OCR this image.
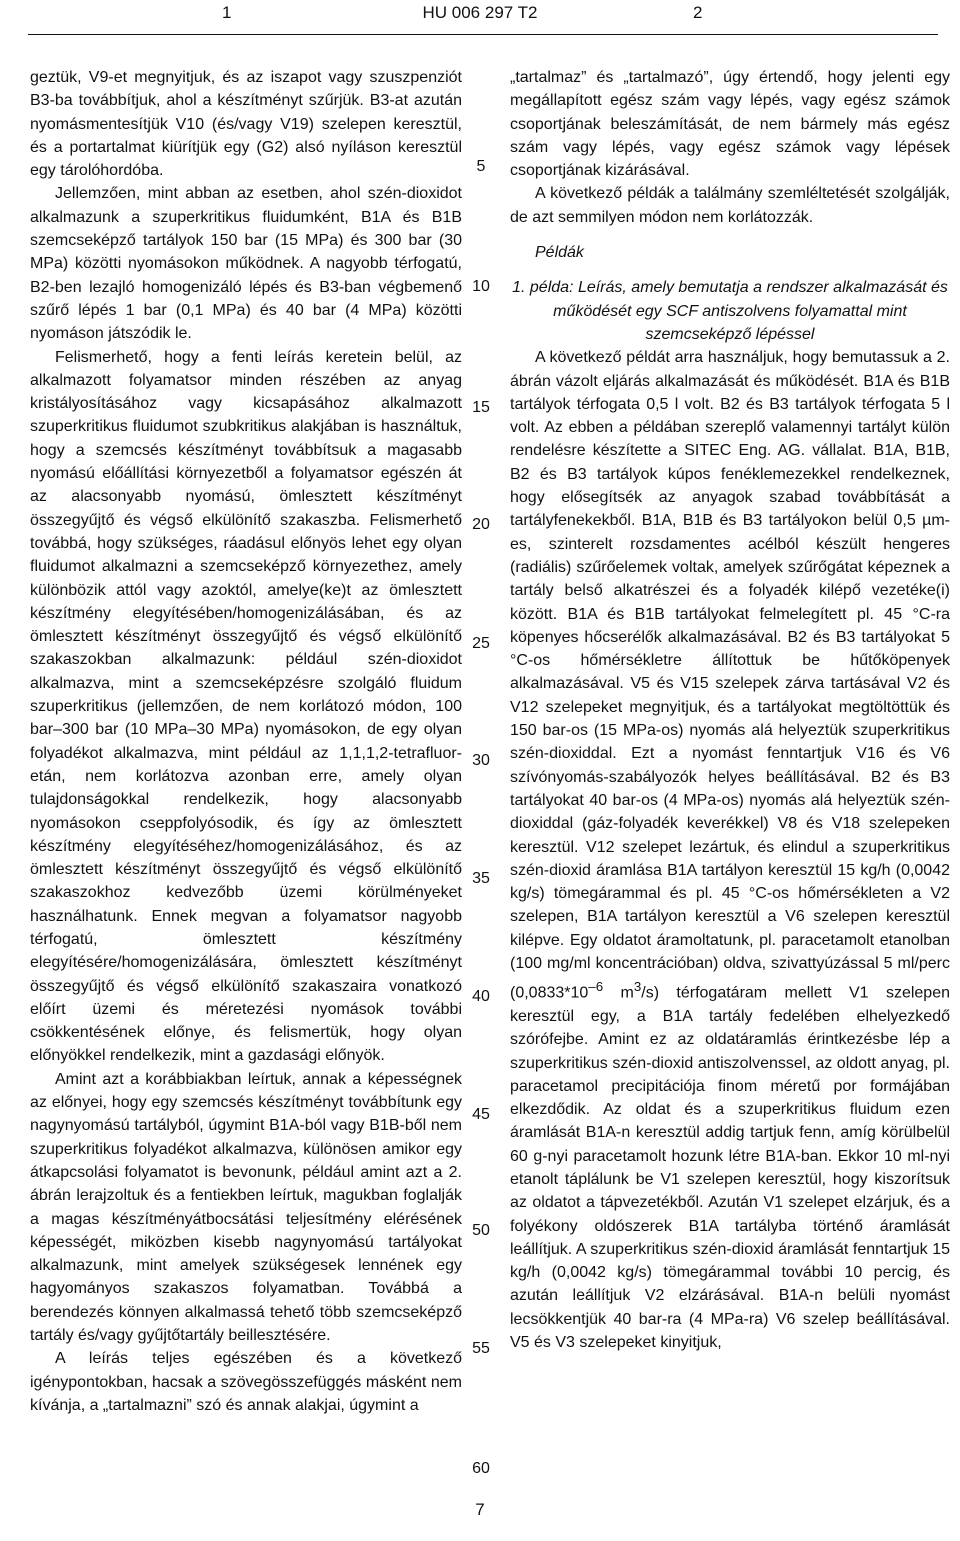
1	HU 006 297 T2	2

geztük, V9-et megnyitjuk, és az iszapot vagy szuszpenziót B3-ba továbbítjuk, ahol a készítményt szűrjük. B3-at azután nyomásmentesítjük V10 (és/vagy V19) szelepen keresztül, és a portartalmat kiürítjük egy (G2) alsó nyíláson keresztül egy tárolóhordóba.

Jellemzően, mint abban az esetben, ahol szén-dioxidot alkalmazunk a szuperkritikus fluidumként, B1A és B1B szemcseképző tartályok 150 bar (15 MPa) és 300 bar (30 MPa) közötti nyomásokon működnek. A nagyobb térfogatú, B2-ben lezajló homogenizáló lépés és B3-ban végbemenő szűrő lépés 1 bar (0,1 MPa) és 40 bar (4 MPa) közötti nyomáson játszódik le.

Felismerhető, hogy a fenti leírás keretein belül, az alkalmazott folyamatsor minden részében az anyag kristályosításához vagy kicsapásához alkalmazott szuperkritikus fluidumot szubkritikus alakjában is használtuk, hogy a szemcsés készítményt továbbítsuk a magasabb nyomású előállítási környezetből a folyamatsor egészén át az alacsonyabb nyomású, ömlesztett készítményt összegyűjtő és végső elkülönítő szakaszba. Felismerhető továbbá, hogy szükséges, ráadásul előnyös lehet egy olyan fluidumot alkalmazni a szemcseképző környezethez, amely különbözik attól vagy azoktól, amelye(ke)t az ömlesztett készítmény elegyítésében/homogenizálásában, és az ömlesztett készítményt összegyűjtő és végső elkülönítő szakaszokban alkalmazunk: például szén-dioxidot alkalmazva, mint a szemcseképzésre szolgáló fluidum szuperkritikus (jellemzően, de nem korlátozó módon, 100 bar–300 bar (10 MPa–30 MPa) nyomásokon, de egy olyan folyadékot alkalmazva, mint például az 1,1,1,2-tetrafluor-etán, nem korlátozva azonban erre, amely olyan tulajdonságokkal rendelkezik, hogy alacsonyabb nyomásokon cseppfolyósodik, és így az ömlesztett készítmény elegyítéséhez/homogenizálásához, és az ömlesztett készítményt összegyűjtő és végső elkülönítő szakaszokhoz kedvezőbb üzemi körülményeket használhatunk. Ennek megvan a folyamatsor nagyobb térfogatú, ömlesztett készítmény elegyítésére/homogenizálására, ömlesztett készítményt összegyűjtő és végső elkülönítő szakaszaira vonatkozó előírt üzemi és méretezési nyomások további csökkentésének előnye, és felismertük, hogy olyan előnyökkel rendelkezik, mint a gazdasági előnyök.

Amint azt a korábbiakban leírtuk, annak a képességnek az előnyei, hogy egy szemcsés készítményt továbbítunk egy nagynyomású tartályból, úgymint B1A-ból vagy B1B-ből nem szuperkritikus folyadékot alkalmazva, különösen amikor egy átkapcsolási folyamatot is bevonunk, például amint azt a 2. ábrán lerajzoltuk és a fentiekben leírtuk, magukban foglalják a magas készítményátbocsátási teljesítmény elérésének képességét, miközben kisebb nagynyomású tartályokat alkalmazunk, mint amelyek szükségesek lennének egy hagyományos szakaszos folyamatban. Továbbá a berendezés könnyen alkalmassá tehető több szemcseképző tartály és/vagy gyűjtőtartály beillesztésére.

A leírás teljes egészében és a következő igénypontokban, hacsak a szövegösszefüggés másként nem kívánja, a „tartalmazni” szó és annak alakjai, úgymint a

„tartalmaz” és „tartalmazó”, úgy értendő, hogy jelenti egy megállapított egész szám vagy lépés, vagy egész számok csoportjának beleszámítását, de nem bármely más egész szám vagy lépés, vagy egész számok vagy lépések csoportjának kizárásával.

A következő példák a találmány szemléltetését szolgálják, de azt semmilyen módon nem korlátozzák.

Példák

1. példa: Leírás, amely bemutatja a rendszer alkalmazását és működését egy SCF antiszolvens folyamattal mint szemcseképző lépéssel

A következő példát arra használjuk, hogy bemutassuk a 2. ábrán vázolt eljárás alkalmazását és működését. B1A és B1B tartályok térfogata 0,5 l volt. B2 és B3 tartályok térfogata 5 l volt. Az ebben a példában szereplő valamennyi tartályt külön rendelésre készítette a SITEC Eng. AG. vállalat. B1A, B1B, B2 és B3 tartályok kúpos fenéklemezekkel rendelkeznek, hogy elősegítsék az anyagok szabad továbbítását a tartályfenekekből. B1A, B1B és B3 tartályokon belül 0,5 µm-es, szinterelt rozsdamentes acélból készült hengeres (radiális) szűrőelemek voltak, amelyek szűrőgátat képeznek a tartály belső alkatrészei és a folyadék kilépő vezetéke(i) között. B1A és B1B tartályokat felmelegített pl. 45 °C-ra köpenyes hőcserélők alkalmazásával. B2 és B3 tartályokat 5 °C-os hőmérsékletre állítottuk be hűtőköpenyek alkalmazásával. V5 és V15 szelepek zárva tartásával V2 és V12 szelepeket megnyitjuk, és a tartályokat megtöltöttük és 150 bar-os (15 MPa-os) nyomás alá helyeztük szuperkritikus szén-dioxiddal. Ezt a nyomást fenntartjuk V16 és V6 szívónyomás-szabályozók helyes beállításával. B2 és B3 tartályokat 40 bar-os (4 MPa-os) nyomás alá helyeztük szén-dioxiddal (gáz-folyadék keverékkel) V8 és V18 szelepeken keresztül. V12 szelepet lezártuk, és elindul a szuperkritikus szén-dioxid áramlása B1A tartályon keresztül 15 kg/h (0,0042 kg/s) tömegárammal és pl. 45 °C-os hőmérsékleten a V2 szelepen, B1A tartályon keresztül a V6 szelepen keresztül kilépve. Egy oldatot áramoltatunk, pl. paracetamolt etanolban (100 mg/ml koncentrációban) oldva, szivattyúzással 5 ml/perc ($0,0833*10^{-6}$ $m^3/s$) térfogatáram mellett V1 szelepen keresztül egy, a B1A tartály fedelében elhelyezkedő szórófejbe. Amint ez az oldatáramlás érintkezésbe lép a szuperkritikus szén-dioxid antiszolvenssel, az oldott anyag, pl. paracetamol precipitációja finom méretű por formájában elkezdődik. Az oldat és a szuperkritikus fluidum ezen áramlását B1A-n keresztül addig tartjuk fenn, amíg körülbelül 60 g-nyi paracetamolt hozunk létre B1A-ban. Ekkor 10 ml-nyi etanolt táplálunk be V1 szelepen keresztül, hogy kiszorítsuk az oldatot a tápvezetékből. Azután V1 szelepet elzárjuk, és a folyékony oldószerek B1A tartályba történő áramlását leállítjuk. A szuperkritikus szén-dioxid áramlását fenntartjuk 15 kg/h (0,0042 kg/s) tömegárammal további 10 percig, és azután leállítjuk V2 elzárásával. B1A-n belüli nyomást lecsökkentjük 40 bar-ra (4 MPa-ra) V6 szelep beállításával. V5 és V3 szelepeket kinyitjuk,

5
10
15
20
25
30
35
40
45
50
55
60
7
